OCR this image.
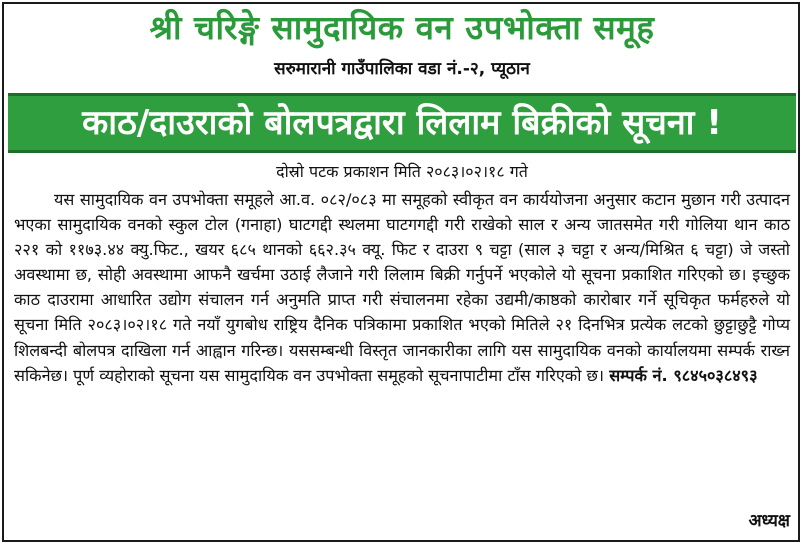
श्री चरिङ्गे सामुदायिक वन उपभोक्ता समूह
सरुमारानी गाउँपालिका वडा नं.-२, प्यूठान
काठ/दाउराको बोलपत्रद्वारा लिलाम बिक्रीको सूचना !
दोस्रो पटक प्रकाशन मिति २०८३।०२।१८ गते
यस सामुदायिक वन उपभोक्ता समूहले आ.व. ०८२/०८३ मा समूहको स्वीकृत वन कार्ययोजना अनुसार कटान मुछान गरी उत्पादन भएका सामुदायिक वनको स्कुल टोल (गनाहा) घाटगद्दी स्थलमा घाटगगद्दी गरी राखेको साल र अन्य जातसमेत गरी गोलिया थान काठ २२१ को ११७३.४४ क्यु.फिट., खयर ६८५ थानको ६६२.३५ क्यू. फिट र दाउरा ९ चट्टा (साल ३ चट्टा र अन्य/मिश्रित ६ चट्टा) जे जस्तो अवस्थामा छ, सोही अवस्थामा आफनै खर्चमा उठाई लैजाने गरी लिलाम बिक्री गर्नुपर्ने भएकोले यो सूचना प्रकाशित गरिएको छ। इच्छुक काठ दाउरामा आधारित उद्योग संचालन गर्न अनुमति प्राप्त गरी संचालनमा रहेका उद्यमी/काष्ठको कारोबार गर्ने सूचिकृत फर्महरुले यो सूचना मिति २०८३।०२।१८ गते नयाँ युगबोध राष्ट्रिय दैनिक पत्रिकामा प्रकाशित भएको मितिले २१ दिनभित्र प्रत्येक लटको छुट्टाछुट्टै गोप्य शिलबन्दी बोलपत्र दाखिला गर्न आह्वान गरिन्छ। यससम्बन्धी विस्तृत जानकारीका लागि यस सामुदायिक वनको कार्यालयमा सम्पर्क राख्न सकिनेछ। पूर्ण व्यहोराको सूचना यस सामुदायिक वन उपभोक्ता समूहको सूचनापाटीमा टाँस गरिएको छ। सम्पर्क नं. ९८४५०३८४९३
अध्यक्ष
